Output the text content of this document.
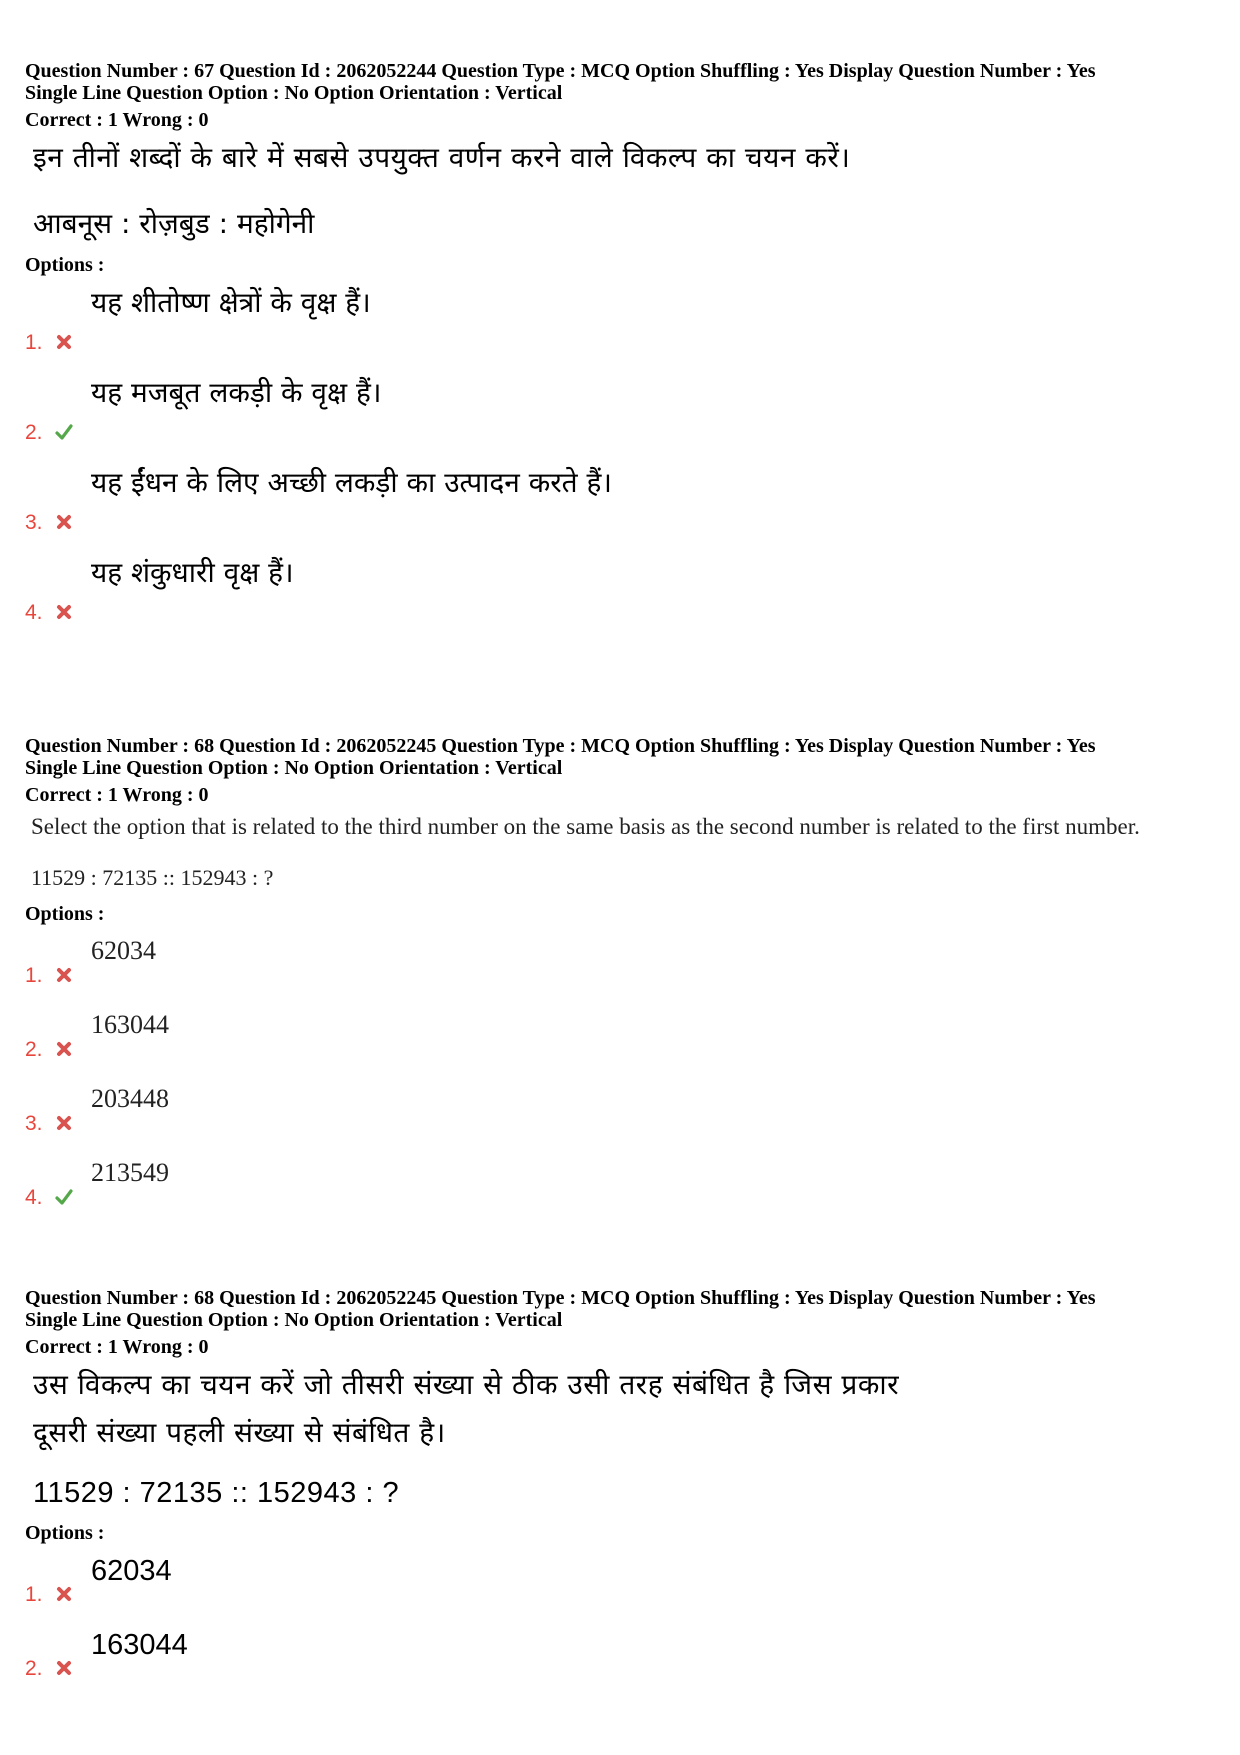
Question Number : 67 Question Id : 2062052244 Question Type : MCQ Option Shuffling : Yes Display Question Number : Yes
Single Line Question Option : No Option Orientation : Vertical
Correct : 1 Wrong : 0
इन तीनों शब्दों के बारे में सबसे उपयुक्त वर्णन करने वाले विकल्प का चयन करें।
आबनूस : रोज़बुड : महोगेनी
Options :
1.
यह शीतोष्ण क्षेत्रों के वृक्ष हैं।
2.
यह मजबूत लकड़ी के वृक्ष हैं।
3.
यह ईंधन के लिए अच्छी लकड़ी का उत्पादन करते हैं।
4.
यह शंकुधारी वृक्ष हैं।
Question Number : 68 Question Id : 2062052245 Question Type : MCQ Option Shuffling : Yes Display Question Number : Yes
Single Line Question Option : No Option Orientation : Vertical
Correct : 1 Wrong : 0
Select the option that is related to the third number on the same basis as the second number is related to the first number.
11529 : 72135 :: 152943 : ?
Options :
1.
62034
2.
163044
3.
203448
4.
213549
Question Number : 68 Question Id : 2062052245 Question Type : MCQ Option Shuffling : Yes Display Question Number : Yes
Single Line Question Option : No Option Orientation : Vertical
Correct : 1 Wrong : 0
उस विकल्प का चयन करें जो तीसरी संख्या से ठीक उसी तरह संबंधित है जिस प्रकार
दूसरी संख्या पहली संख्या से संबंधित है।
11529 : 72135 :: 152943 : ?
Options :
1.
62034
2.
163044
